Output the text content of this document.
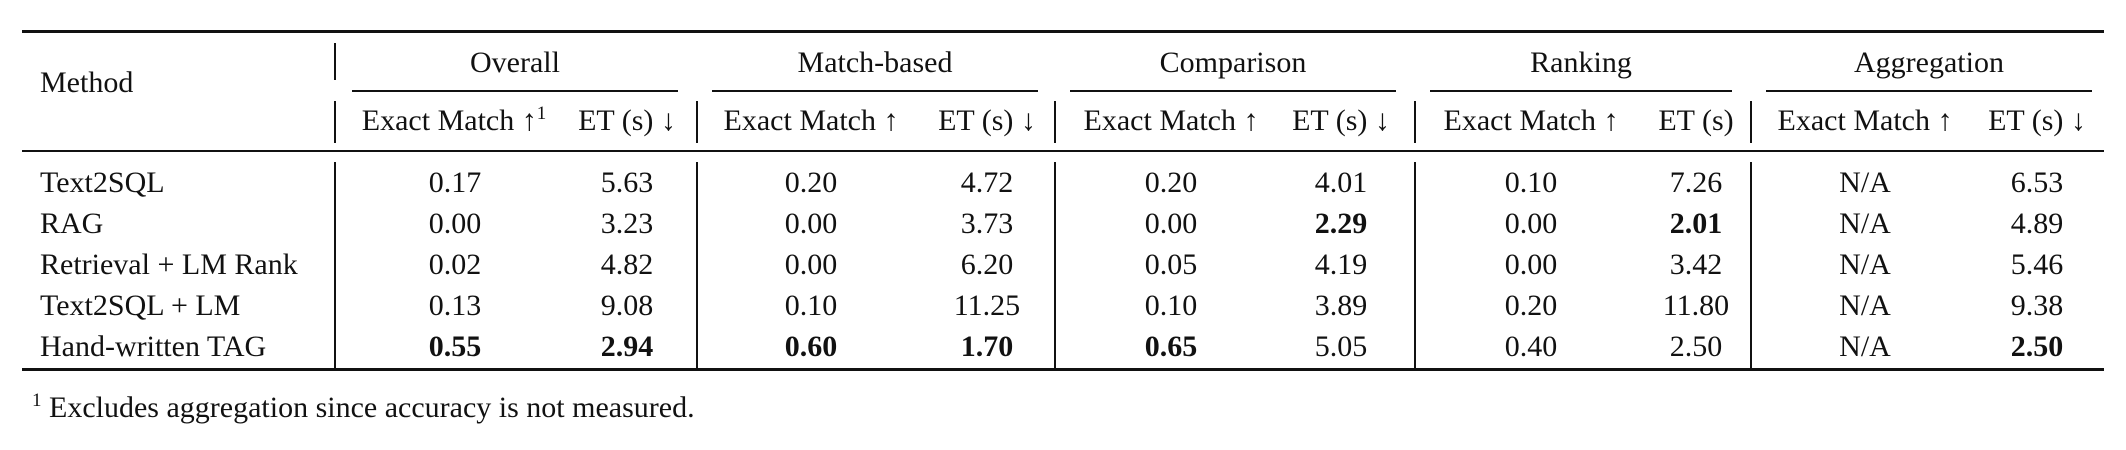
Method
Overall	Match-based	Comparison	Ranking	Aggregation
Exact Match ↑$^1$	ET (s) ↓	Exact Match ↑	ET (s) ↓	Exact Match ↑	ET (s) ↓	Exact Match ↑	ET (s)	Exact Match ↑	ET (s) ↓
Text2SQL	0.17	5.63	0.20	4.72	0.20	4.01	0.10	7.26	N/A	6.53
RAG	0.00	3.23	0.00	3.73	0.00	2.29	0.00	2.01	N/A	4.89
Retrieval + LM Rank	0.02	4.82	0.00	6.20	0.05	4.19	0.00	3.42	N/A	5.46
Text2SQL + LM	0.13	9.08	0.10	11.25	0.10	3.89	0.20	11.80	N/A	9.38
Hand-written TAG	0.55	2.94	0.60	1.70	0.65	5.05	0.40	2.50	N/A	2.50
$^1$ Excludes aggregation since accuracy is not measured.
